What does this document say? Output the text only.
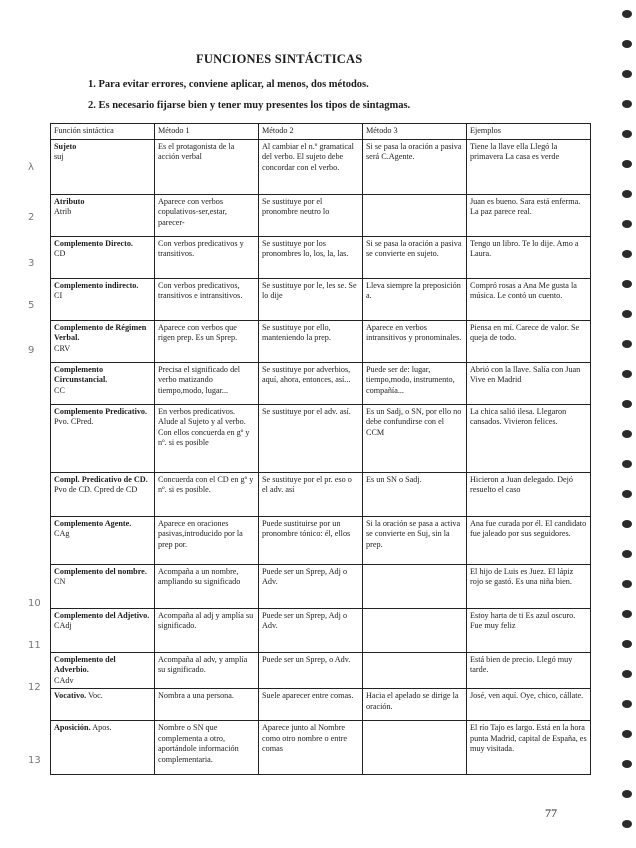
FUNCIONES SINTÁCTICAS
1. Para evitar errores, conviene aplicar, al menos, dos métodos.
2. Es necesario fijarse bien y tener muy presentes los tipos de sintagmas.
Función sintáctica	Método 1	Método 2	Método 3	Ejemplos
Sujeto
suj	Es el protagonista de la acción verbal	Al cambiar el n.º gramatical del verbo. El sujeto debe concordar con el verbo.	Si se pasa la oración a pasiva será C.Agente.	Tiene la llave ella Llegó la primavera La casa es verde
Atributo
Atrib	Aparece con verbos copulativos-ser,estar, parecer-	Se sustituye por el pronombre neutro lo		Juan es bueno. Sara está enferma. La paz parece real.
Complemento Directo.
CD	Con verbos predicativos y transitivos.	Se sustituye por los pronombres lo, los, la, las.	Si se pasa la oración a pasiva se convierte en sujeto.	Tengo un libro. Te lo dije. Amo a Laura.
Complemento indirecto.
CI	Con verbos predicativos, transitivos e intransitivos.	Se sustituye por le, les se. Se lo dije	Lleva siempre la preposición a.	Compró rosas a Ana Me gusta la música. Le contó un cuento.
Complemento de Régimen Verbal.
CRV	Aparece con verbos que rigen prep. Es un Sprep.	Se sustituye por ello, manteniendo la prep.	Aparece en verbos intransitivos y pronominales.	Piensa en mí. Carece de valor. Se queja de todo.
Complemento Circunstancial.
CC	Precisa el significado del verbo matizando tiempo,modo, lugar...	Se sustituye por adverbios, aquí, ahora, entonces, así...	Puede ser de: lugar, tiempo,modo, instrumento, compañía...	Abrió con la llave. Salía con Juan Vive en Madrid
Complemento Predicativo.
Pvo. CPred.	En verbos predicativos. Alude al Sujeto y al verbo. Con ellos concuerda en gº y nº. si es posible	Se sustituye por el adv. así.	Es un Sadj, o SN, por ello no debe confundirse con el CCM	La chica salió ilesa. Llegaron cansados. Vivieron felices.
Compl. Predicativo de CD.
Pvo de CD. Cpred de CD	Concuerda con el CD en gº y nº. si es posible.	Se sustituye por el pr. eso o el adv. así	Es un SN o Sadj.	Hicieron a Juan delegado. Dejó resuelto el caso
Complemento Agente.
CAg	Aparece en oraciones pasivas,introducido por la prep por.	Puede sustituirse por un pronombre tónico: él, ellos	Si la oración se pasa a activa se convierte en Suj, sin la prep.	Ana fue curada por él. El candidato fue jaleado por sus seguidores.
Complemento del nombre.
CN	Acompaña a un nombre, ampliando su significado	Puede ser un Sprep, Adj o Adv.		El hijo de Luis es Juez. El lápiz rojo se gastó. Es una niña bien.
Complemento del Adjetivo.
CAdj	Acompaña al adj y amplía su significado.	Puede ser un Sprep, Adj o Adv.		Estoy harta de ti Es azul oscuro. Fue muy feliz
Complemento del Adverbio.
CAdv	Acompaña al adv, y amplía su significado.	Puede ser un Sprep, o Adv.		Está bien de precio. Llegó muy tarde.
Vocativo. Voc.	Nombra a una persona.	Suele aparecer entre comas.	Hacia el apelado se dirige la oración.	José, ven aquí. Oye, chico, cállate.
Aposición. Apos.	Nombre o SN que complementa a otro, aportándole información complementaria.	Aparece junto al Nombre como otro nombre o entre comas		El río Tajo es largo. Está en la hora punta Madrid, capital de España, es muy visitada.
λ
2
3
5
9
10
11
12
13
77
